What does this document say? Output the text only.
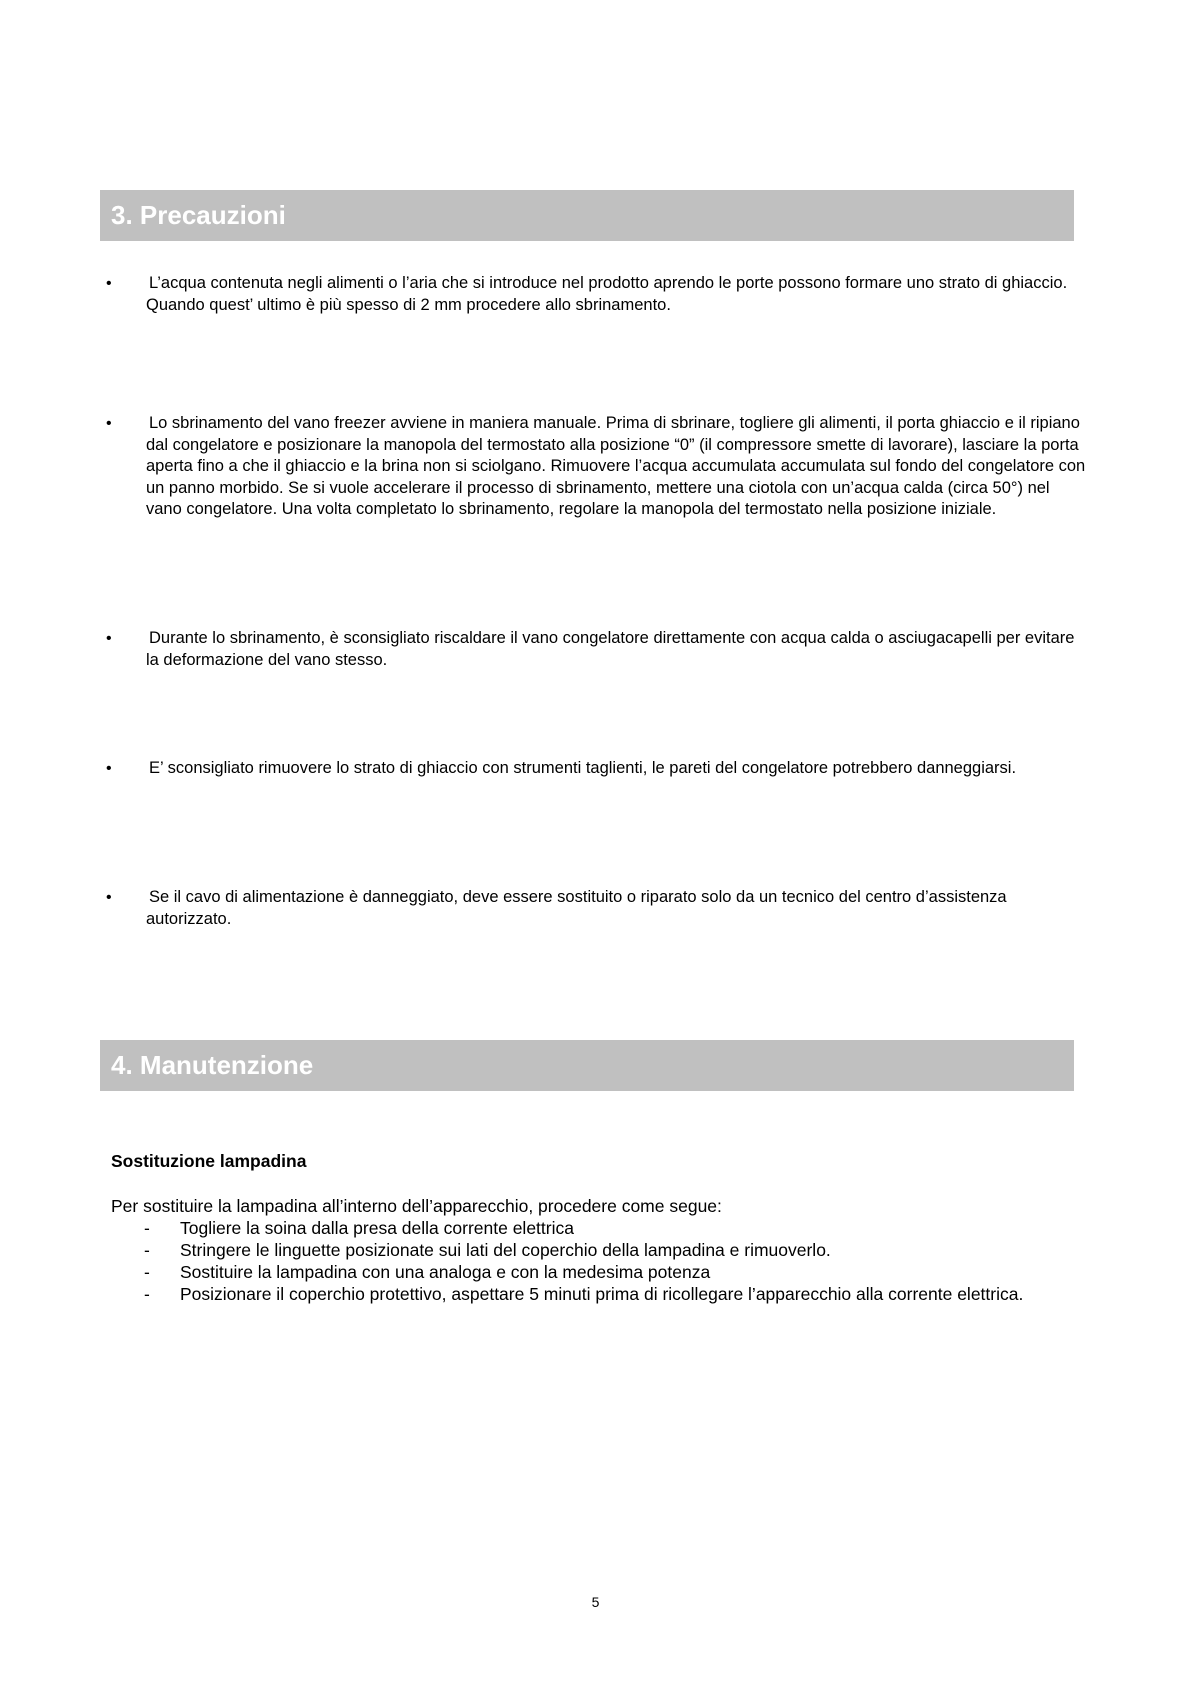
3. Precauzioni
• L’acqua contenuta negli alimenti o l’aria che si introduce nel prodotto aprendo le porte possono formare uno strato di ghiaccio. Quando quest’ ultimo è più spesso di 2 mm procedere allo sbrinamento.
• Lo sbrinamento del vano freezer avviene in maniera manuale. Prima di sbrinare, togliere gli alimenti, il porta ghiaccio e il ripiano dal congelatore e posizionare la manopola del termostato alla posizione “0” (il compressore smette di lavorare), lasciare la porta aperta fino a che il ghiaccio e la brina non si sciolgano. Rimuovere l’acqua accumulata accumulata sul fondo del congelatore con un panno morbido. Se si vuole accelerare il processo di sbrinamento, mettere una ciotola con un’acqua calda (circa 50°) nel vano congelatore. Una volta completato lo sbrinamento, regolare la manopola del termostato nella posizione iniziale.
• Durante lo sbrinamento, è sconsigliato riscaldare il vano congelatore direttamente con acqua calda o asciugacapelli per evitare la deformazione del vano stesso.
• E’ sconsigliato rimuovere lo strato di ghiaccio con strumenti taglienti, le pareti del congelatore potrebbero danneggiarsi.
• Se il cavo di alimentazione è danneggiato, deve essere sostituito o riparato solo da un tecnico del centro d’assistenza autorizzato.
4. Manutenzione
Sostituzione lampadina
Per sostituire la lampadina all’interno dell’apparecchio, procedere come segue:
- Togliere la soina dalla presa della corrente elettrica
- Stringere le linguette posizionate sui lati del coperchio della lampadina e rimuoverlo.
- Sostituire la lampadina con una analoga e con la medesima potenza
- Posizionare il coperchio protettivo, aspettare 5 minuti prima di ricollegare l’apparecchio alla corrente elettrica.
5
